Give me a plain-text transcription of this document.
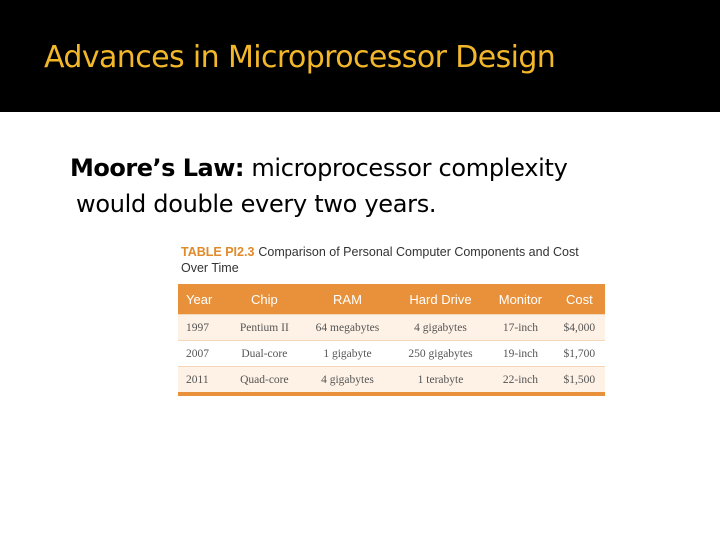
Advances in Microprocessor Design
Moore’s Law: microprocessor complexity
would double every two years.
TABLE PI2.3 Comparison of Personal Computer Components and Cost Over Time
Year	Chip	RAM	Hard Drive	Monitor	Cost
1997	Pentium II	64 megabytes	4 gigabytes	17-inch	$4,000
2007	Dual-core	1 gigabyte	250 gigabytes	19-inch	$1,700
2011	Quad-core	4 gigabytes	1 terabyte	22-inch	$1,500
